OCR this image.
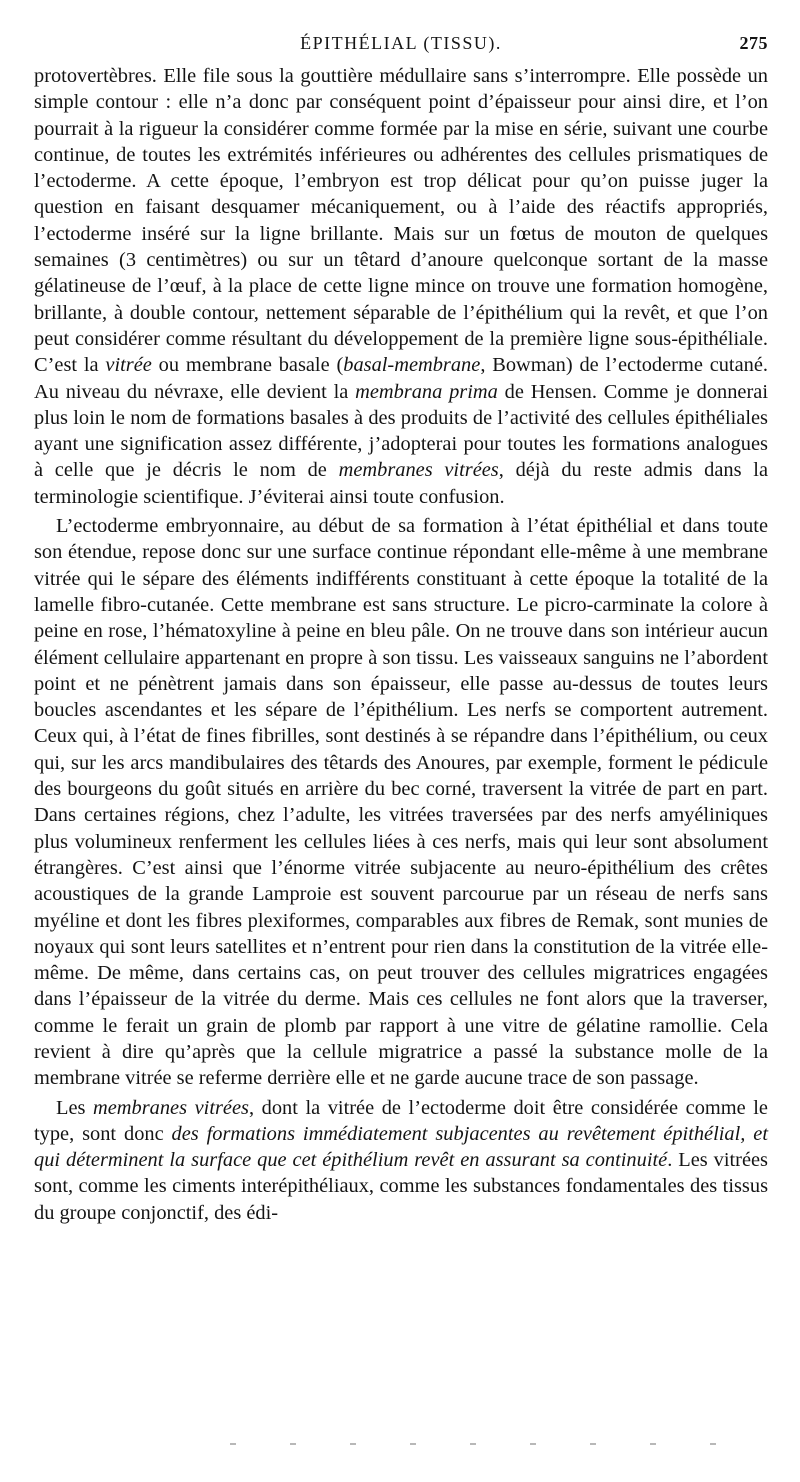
ÉPITHÉLIAL (TISSU).	275

protovertèbres. Elle file sous la gouttière médullaire sans s’interrompre. Elle possède un simple contour : elle n’a donc par conséquent point d’épaisseur pour ainsi dire, et l’on pourrait à la rigueur la considérer comme formée par la mise en série, suivant une courbe continue, de toutes les extrémités inférieures ou adhérentes des cellules prismatiques de l’ectoderme. A cette époque, l’embryon est trop délicat pour qu’on puisse juger la question en faisant desquamer mécaniquement, ou à l’aide des réactifs appropriés, l’ectoderme inséré sur la ligne brillante. Mais sur un fœtus de mouton de quelques semaines (3 centimètres) ou sur un têtard d’anoure quelconque sortant de la masse gélatineuse de l’œuf, à la place de cette ligne mince on trouve une formation homogène, brillante, à double contour, nettement séparable de l’épithélium qui la revêt, et que l’on peut considérer comme résultant du développement de la première ligne sous-épithéliale. C’est la vitrée ou membrane basale (basal-membrane, Bowman) de l’ectoderme cutané. Au niveau du névraxe, elle devient la membrana prima de Hensen. Comme je donnerai plus loin le nom de formations basales à des produits de l’activité des cellules épithéliales ayant une signification assez différente, j’adopterai pour toutes les formations analogues à celle que je décris le nom de membranes vitrées, déjà du reste admis dans la terminologie scientifique. J’éviterai ainsi toute confusion.

L’ectoderme embryonnaire, au début de sa formation à l’état épithélial et dans toute son étendue, repose donc sur une surface continue répondant elle-même à une membrane vitrée qui le sépare des éléments indifférents constituant à cette époque la totalité de la lamelle fibro-cutanée. Cette membrane est sans structure. Le picro-carminate la colore à peine en rose, l’hématoxyline à peine en bleu pâle. On ne trouve dans son intérieur aucun élément cellulaire appartenant en propre à son tissu. Les vaisseaux sanguins ne l’abordent point et ne pénètrent jamais dans son épaisseur, elle passe au-dessus de toutes leurs boucles ascendantes et les sépare de l’épithélium. Les nerfs se comportent autrement. Ceux qui, à l’état de fines fibrilles, sont destinés à se répandre dans l’épithélium, ou ceux qui, sur les arcs mandibulaires des têtards des Anoures, par exemple, forment le pédicule des bourgeons du goût situés en arrière du bec corné, traversent la vitrée de part en part. Dans certaines régions, chez l’adulte, les vitrées traversées par des nerfs amyéliniques plus volumineux renferment les cellules liées à ces nerfs, mais qui leur sont absolument étrangères. C’est ainsi que l’énorme vitrée subjacente au neuro-épithélium des crêtes acoustiques de la grande Lamproie est souvent parcourue par un réseau de nerfs sans myéline et dont les fibres plexiformes, comparables aux fibres de Remak, sont munies de noyaux qui sont leurs satellites et n’entrent pour rien dans la constitution de la vitrée elle-même. De même, dans certains cas, on peut trouver des cellules migratrices engagées dans l’épaisseur de la vitrée du derme. Mais ces cellules ne font alors que la traverser, comme le ferait un grain de plomb par rapport à une vitre de gélatine ramollie. Cela revient à dire qu’après que la cellule migratrice a passé la substance molle de la membrane vitrée se referme derrière elle et ne garde aucune trace de son passage.

Les membranes vitrées, dont la vitrée de l’ectoderme doit être considérée comme le type, sont donc des formations immédiatement subjacentes au revêtement épithélial, et qui déterminent la surface que cet épithélium revêt en assurant sa continuité. Les vitrées sont, comme les ciments interépithéliaux, comme les substances fondamentales des tissus du groupe conjonctif, des édi-
